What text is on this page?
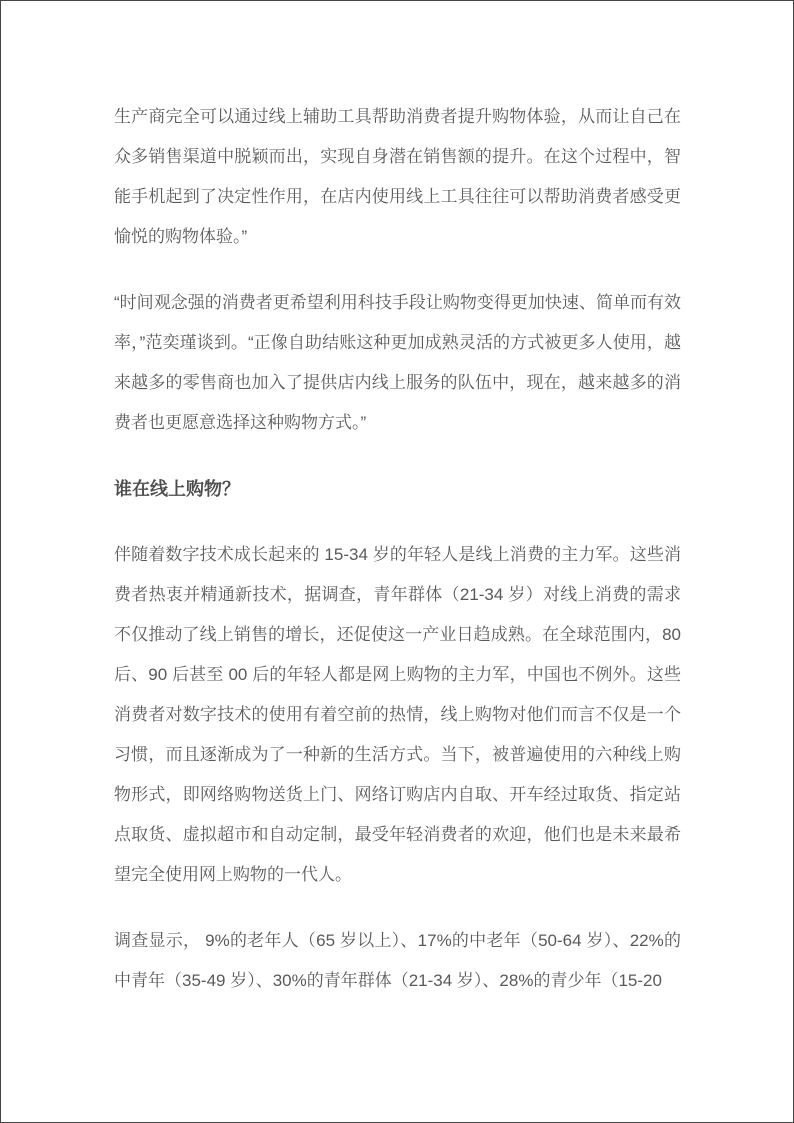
生产商完全可以通过线上辅助工具帮助消费者提升购物体验，从而让自己在众多销售渠道中脱颖而出，实现自身潜在销售额的提升。在这个过程中，智能手机起到了决定性作用，在店内使用线上工具往往可以帮助消费者感受更愉悦的购物体验。”

“时间观念强的消费者更希望利用科技手段让购物变得更加快速、简单而有效率，”范奕瑾谈到。“正像自助结账这种更加成熟灵活的方式被更多人使用，越来越多的零售商也加入了提供店内线上服务的队伍中，现在，越来越多的消费者也更愿意选择这种购物方式。”

谁在线上购物？

伴随着数字技术成长起来的 15-34 岁的年轻人是线上消费的主力军。这些消费者热衷并精通新技术，据调查，青年群体（21-34 岁）对线上消费的需求不仅推动了线上销售的增长，还促使这一产业日趋成熟。在全球范围内，80 后、90 后甚至 00 后的年轻人都是网上购物的主力军，中国也不例外。这些消费者对数字技术的使用有着空前的热情，线上购物对他们而言不仅是一个习惯，而且逐渐成为了一种新的生活方式。当下，被普遍使用的六种线上购物形式，即网络购物送货上门、网络订购店内自取、开车经过取货、指定站点取货、虚拟超市和自动定制，最受年轻消费者的欢迎，他们也是未来最希望完全使用网上购物的一代人。

调查显示， 9%的老年人（65 岁以上）、17%的中老年（50-64 岁）、22%的中青年（35-49 岁）、30%的青年群体（21-34 岁）、28%的青少年（15-20
